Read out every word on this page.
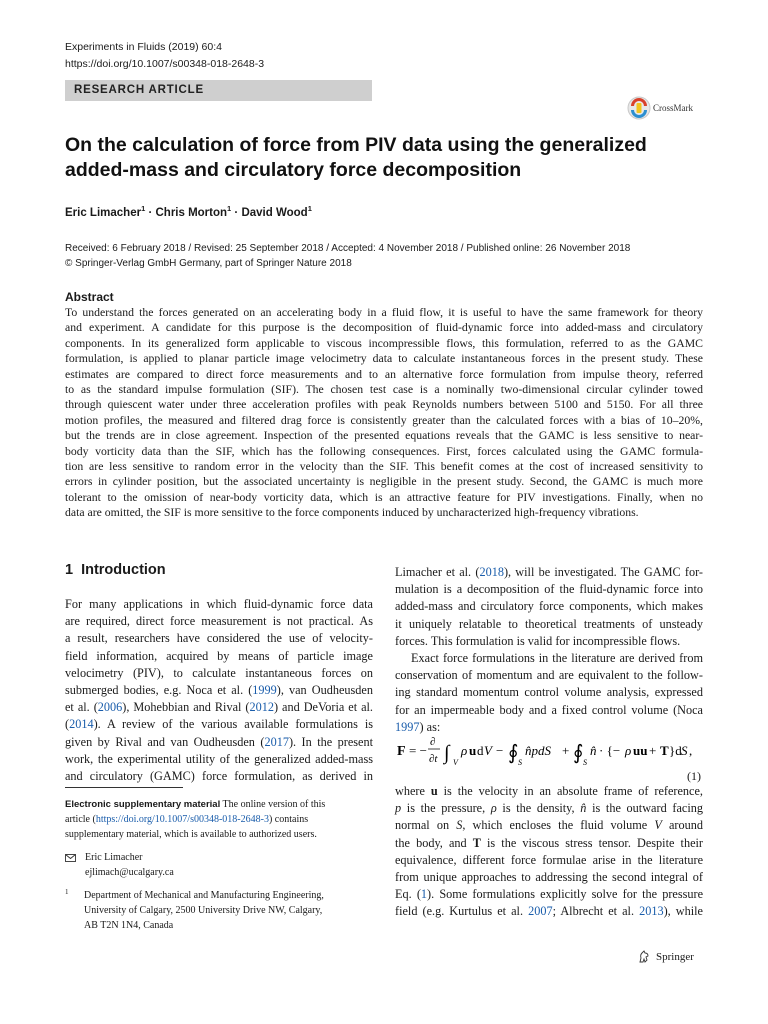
Experiments in Fluids (2019) 60:4
https://doi.org/10.1007/s00348-018-2648-3
RESEARCH ARTICLE
CrossMark
On the calculation of force from PIV data using the generalized added-mass and circulatory force decomposition
Eric Limacher$^1$ · Chris Morton$^1$ · David Wood$^1$
Received: 6 February 2018 / Revised: 25 September 2018 / Accepted: 4 November 2018 / Published online: 26 November 2018
© Springer-Verlag GmbH Germany, part of Springer Nature 2018
Abstract
To understand the forces generated on an accelerating body in a fluid flow, it is useful to have the same framework for theory
and experiment. A candidate for this purpose is the decomposition of fluid-dynamic force into added-mass and circulatory
components. In its generalized form applicable to viscous incompressible flows, this formulation, referred to as the GAMC
formulation, is applied to planar particle image velocimetry data to calculate instantaneous forces in the present study. These
estimates are compared to direct force measurements and to an alternative force formulation from impulse theory, referred
to as the standard impulse formulation (SIF). The chosen test case is a nominally two-dimensional circular cylinder towed
through quiescent water under three acceleration profiles with peak Reynolds numbers between 5100 and 5150. For all three
motion profiles, the measured and filtered drag force is consistently greater than the calculated forces with a bias of 10–20%,
but the trends are in close agreement. Inspection of the presented equations reveals that the GAMC is less sensitive to near-
body vorticity data than the SIF, which has the following consequences. First, forces calculated using the GAMC formula-
tion are less sensitive to random error in the velocity than the SIF. This benefit comes at the cost of increased sensitivity to
errors in cylinder position, but the associated uncertainty is negligible in the present study. Second, the GAMC is much more
tolerant to the omission of near-body vorticity data, which is an attractive feature for PIV investigations. Finally, when no
data are omitted, the SIF is more sensitive to the force components induced by uncharacterized high-frequency vibrations.
1 Introduction
For many applications in which fluid-dynamic force data
are required, direct force measurement is not practical. As
a result, researchers have considered the use of velocity-
field information, acquired by means of particle image
velocimetry (PIV), to calculate instantaneous forces on
submerged bodies, e.g. Noca et al. (1999), van Oudheusden
et al. (2006), Mohebbian and Rival (2012) and DeVoria et al.
(2014). A review of the various available formulations is
given by Rival and van Oudheusden (2017). In the present
work, the experimental utility of the generalized added-mass
and circulatory (GAMC) force formulation, as derived in
Limacher et al. (2018), will be investigated. The GAMC for-
mulation is a decomposition of the fluid-dynamic force into
added-mass and circulatory force components, which makes
it uniquely relatable to theoretical treatments of unsteady
forces. This formulation is valid for incompressible flows.
Exact force formulations in the literature are derived from
conservation of momentum and are equivalent to the follow-
ing standard momentum control volume analysis, expressed
for an impermeable body and a fixed control volume (Noca
1997) as:
F = −
∂
∂t ∫ V
ρ u d V − ∮ S
n̂pdS + ∮ S
n̂ · {− ρ uu + T }d S ,
(1)
where u is the velocity in an absolute frame of reference,
p is the pressure, ρ is the density, n̂ is the outward facing
normal on S, which encloses the fluid volume V around
the body, and T is the viscous stress tensor. Despite their
equivalence, different force formulae arise in the literature
from unique approaches to addressing the second integral of
Eq. (1). Some formulations explicitly solve for the pressure
field (e.g. Kurtulus et al. 2007; Albrecht et al. 2013), while
Electronic supplementary material The online version of this
article (https://doi.org/10.1007/s00348-018-2648-3) contains
supplementary material, which is available to authorized users.
Eric Limacher
ejlimach@ucalgary.ca
1 Department of Mechanical and Manufacturing Engineering,
University of Calgary, 2500 University Drive NW, Calgary,
AB T2N 1N4, Canada
Springer
